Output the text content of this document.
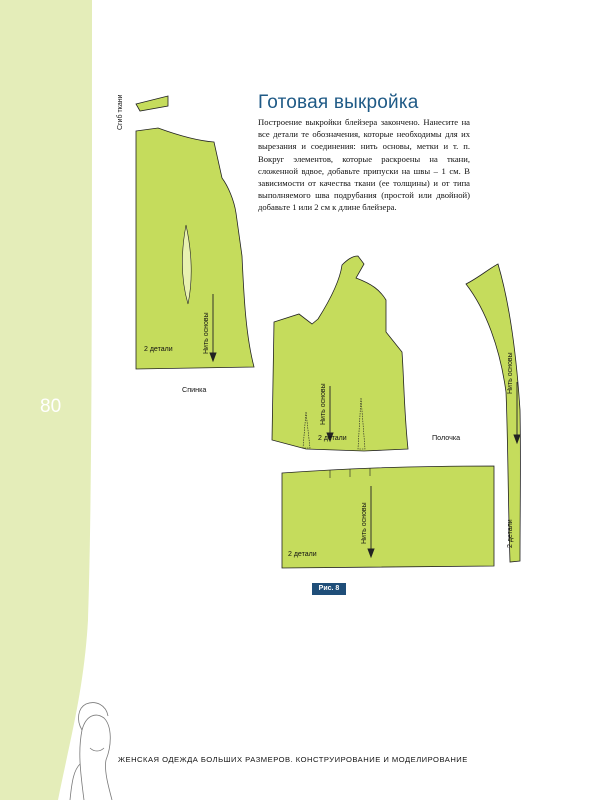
Сгиб ткани
Нить основы
2 детали
Спинка	Нить основы
2 детали	Полочка
Нить основы
2 детали
Нить основы
2 детали
80
Готовая выкройка
Построение выкройки блейзера закончено. Нанесите на все детали те обозначения, которые необходимы для их вырезания и соединения: нить основы, метки и т. п. Вокруг элементов, которые раскроены на ткани, сложенной вдвое, добавьте припуски на швы – 1 см. В зависимости от качества ткани (ее толщины) и от типа выполняемого шва подрубания (простой или двойной) добавьте 1 или 2 см к длине блейзера.
Рис. 8
ЖЕНСКАЯ ОДЕЖДА БОЛЬШИХ РАЗМЕРОВ. КОНСТРУИРОВАНИЕ И МОДЕЛИРОВАНИЕ
